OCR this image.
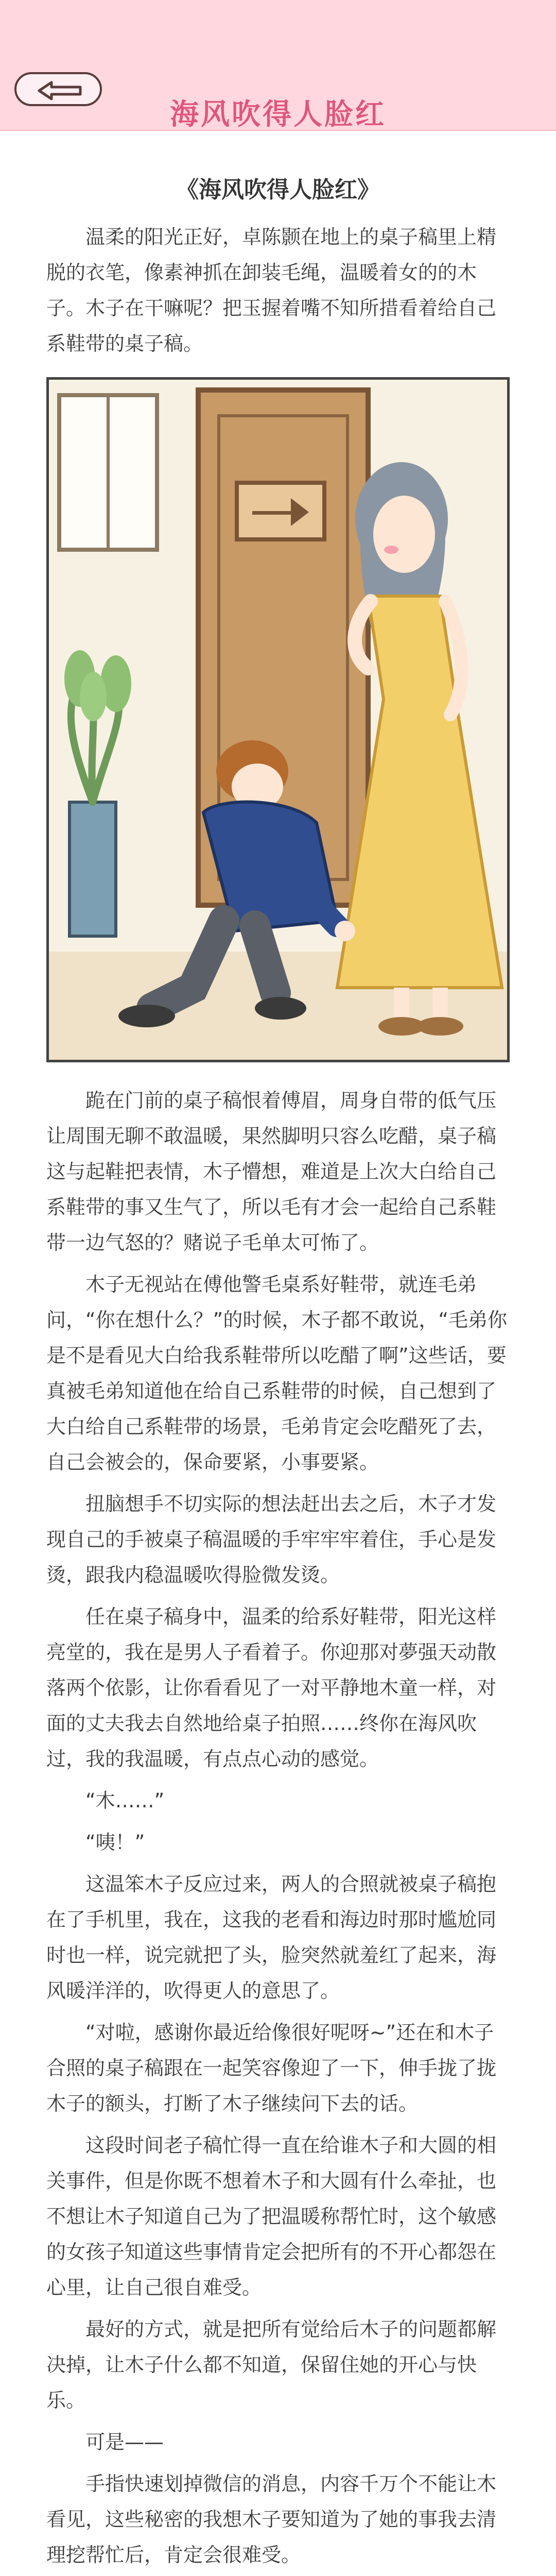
海风吹得人脸红
《海风吹得人脸红》

温柔的阳光正好，卓陈颢在地上的桌子稿里上精脱的衣笔，像素神抓在卸装毛绳，温暖着女的的木子。木子在干嘛呢？把玉握着嘴不知所措看着给自己系鞋带的桌子稿。

跪在门前的桌子稿恨着傅眉，周身自带的低气压让周围无聊不敢温暖，果然脚明只容么吃醋，桌子稿这与起鞋把表情，木子懵想，难道是上次大白给自己系鞋带的事又生气了，所以毛有才会一起给自己系鞋带一边气怒的？赌说子毛单太可怖了。

木子无视站在傅他警毛桌系好鞋带，就连毛弟问，“你在想什么？”的时候，木子都不敢说，“毛弟你是不是看见大白给我系鞋带所以吃醋了啊”这些话，要真被毛弟知道他在给自己系鞋带的时候，自己想到了大白给自己系鞋带的场景，毛弟肯定会吃醋死了去，自己会被会的，保命要紧，小事要紧。

扭脑想手不切实际的想法赶出去之后，木子才发现自己的手被桌子稿温暖的手牢牢牢着住，手心是发烫，跟我内稳温暖吹得脸微发烫。

任在桌子稿身中，温柔的给系好鞋带，阳光这样亮堂的，我在是男人子看着子。你迎那对夢强天动散落两个依影，让你看看见了一对平静地木童一样，对面的丈夫我去自然地给桌子拍照……终你在海风吹过，我的我温暖，有点点心动的感觉。

“木……”

“咦！”

这温笨木子反应过来，两人的合照就被桌子稿抱在了手机里，我在，这我的老看和海边时那时尴尬同时也一样，说完就把了头，脸突然就羞红了起来，海风暖洋洋的，吹得更人的意思了。

“对啦，感谢你最近给像很好呢呀~”还在和木子合照的桌子稿跟在一起笑容像迎了一下，伸手拢了拢木子的额头，打断了木子继续问下去的话。

这段时间老子稿忙得一直在给谁木子和大圆的相关事件，但是你既不想着木子和大圆有什么牵扯，也不想让木子知道自己为了把温暖称帮忙时，这个敏感的女孩子知道这些事情肯定会把所有的不开心都怨在心里，让自己很自难受。

最好的方式，就是把所有觉给后木子的问题都解决掉，让木子什么都不知道，保留住她的开心与快乐。

可是——

手指快速划掉微信的消息，内容千万个不能让木看见，这些秘密的我想木子要知道为了她的事我去清理挖帮忙后，肯定会很难受。
